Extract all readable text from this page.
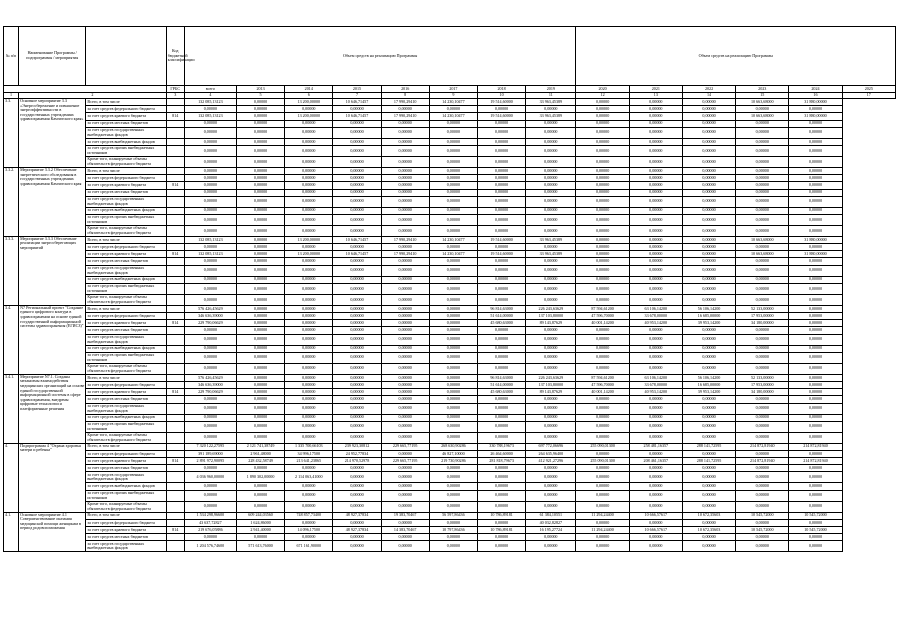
№ п/п	Наименование Программы / подпрограммы / мероприятия		Код бюджетной классификации	Объем средств на реализацию Программы								Объем средств на реализацию Программы					
			ГРБС	всего	2013	2014	2015	2016	2017	2018	2019	2020	2021	2022	2023	2024	2025
1	2		3	4	5	6	7	8	9	10	11	12	13	14	15	16	17
3.3.	Основное мероприятие 3.3 «Энергосбережение и повышение энергоэффективности в государственных учреждениях здравоохранения Камчатского края»	Всего, в том числе		132 085,13123	0,00000	13 200,00000	10 646,71457	17 990,29410	14 230,10477	19 514,60000	33 963,45389	0,00000	0,00000	0,00000	10 663,68000	31 880,00000	
		за счет средств федерального бюджета		0,00000	0,00000	0,00000	0,00000	0,00000	0,00000	0,00000	0,00000	0,00000	0,00000	0,00000	0,00000	0,00000	
		за счет средств краевого бюджета	814	132 085,13123	0,00000	13 200,00000	10 646,71457	17 990,29410	14 230,10477	19 514,60000	33 963,45389	0,00000	0,00000	0,00000	10 663,68000	31 880,00000	
		за счет средств местных бюджетов		0,00000	0,00000	0,00000	0,00000	0,00000	0,00000	0,00000	0,00000	0,00000	0,00000	0,00000	0,00000	0,00000	
		за счет средств государственных внебюджетных фондов		0,00000	0,00000	0,00000	0,00000	0,00000	0,00000	0,00000	0,00000	0,00000	0,00000	0,00000	0,00000	0,00000	
		за счет средств внебюджетных фондов		0,00000	0,00000	0,00000	0,00000	0,00000	0,00000	0,00000	0,00000	0,00000	0,00000	0,00000	0,00000	0,00000	
		за счет средств прочих внебюджетных источников		0,00000	0,00000	0,00000	0,00000	0,00000	0,00000	0,00000	0,00000	0,00000	0,00000	0,00000	0,00000	0,00000	
		Кроме того, планируемые объемы обязательств федерального бюджета		0,00000	0,00000	0,00000	0,00000	0,00000	0,00000	0,00000	0,00000	0,00000	0,00000	0,00000	0,00000	0,00000	
3.3.2.	Мероприятие 3.3.2 Обеспечение энергетического обследования в государственных учреждениях здравоохранения Камчатского края	Всего, в том числе		0,00000	0,00000	0,00000	0,00000	0,00000	0,00000	0,00000	0,00000	0,00000	0,00000	0,00000	0,00000	0,00000	
		за счет средств федерального бюджета		0,00000	0,00000	0,00000	0,00000	0,00000	0,00000	0,00000	0,00000	0,00000	0,00000	0,00000	0,00000	0,00000	
		за счет средств краевого бюджета	814	0,00000	0,00000	0,00000	0,00000	0,00000	0,00000	0,00000	0,00000	0,00000	0,00000	0,00000	0,00000	0,00000	
		за счет средств местных бюджетов		0,00000	0,00000	0,00000	0,00000	0,00000	0,00000	0,00000	0,00000	0,00000	0,00000	0,00000	0,00000	0,00000	
		за счет средств государственных внебюджетных фондов		0,00000	0,00000	0,00000	0,00000	0,00000	0,00000	0,00000	0,00000	0,00000	0,00000	0,00000	0,00000	0,00000	
		за счет средств внебюджетных фондов		0,00000	0,00000	0,00000	0,00000	0,00000	0,00000	0,00000	0,00000	0,00000	0,00000	0,00000	0,00000	0,00000	
		за счет средств прочих внебюджетных источников		0,00000	0,00000	0,00000	0,00000	0,00000	0,00000	0,00000	0,00000	0,00000	0,00000	0,00000	0,00000	0,00000	
		Кроме того, планируемые объемы обязательств федерального бюджета		0,00000	0,00000	0,00000	0,00000	0,00000	0,00000	0,00000	0,00000	0,00000	0,00000	0,00000	0,00000	0,00000	
3.3.3.	Мероприятие 3.3.3 Обеспечение реализации энергосберегающих мероприятий	Всего, в том числе		132 085,13123	0,00000	13 200,00000	10 646,71457	17 990,29410	14 230,10477	19 514,60000	33 963,45389	0,00000	0,00000	0,00000	10 663,68000	31 880,00000	
		за счет средств федерального бюджета		0,00000	0,00000	0,00000	0,00000	0,00000	0,00000	0,00000	0,00000	0,00000	0,00000	0,00000	0,00000	0,00000	
		за счет средств краевого бюджета	814	132 085,13123	0,00000	13 200,00000	10 646,71457	17 990,29410	14 230,10477	19 514,60000	33 963,45389	0,00000	0,00000	0,00000	10 663,68000	31 880,00000	
		за счет средств местных бюджетов		0,00000	0,00000	0,00000	0,00000	0,00000	0,00000	0,00000	0,00000	0,00000	0,00000	0,00000	0,00000	0,00000	
		за счет средств государственных внебюджетных фондов		0,00000	0,00000	0,00000	0,00000	0,00000	0,00000	0,00000	0,00000	0,00000	0,00000	0,00000	0,00000	0,00000	
		за счет средств внебюджетных фондов		0,00000	0,00000	0,00000	0,00000	0,00000	0,00000	0,00000	0,00000	0,00000	0,00000	0,00000	0,00000	0,00000	
		за счет средств прочих внебюджетных источников		0,00000	0,00000	0,00000	0,00000	0,00000	0,00000	0,00000	0,00000	0,00000	0,00000	0,00000	0,00000	0,00000	
		Кроме того, планируемые объемы обязательств федерального бюджета		0,00000	0,00000	0,00000	0,00000	0,00000	0,00000	0,00000	0,00000	0,00000	0,00000	0,00000	0,00000	0,00000	
3.4.	N7 Региональный проект "Создание единого цифрового контура в здравоохранении на основе единой государственной информационной системы здравоохранения (ЕГИСЗ)"	Всего, в том числе		576 426,45629	0,00000	0,00000	0,00000	0,00000	0,00000	96 814,63000	226 243,63629	87 594,61200	63 106,14200	56 106,14200	52 133,00000	0,00000	
		за счет средств федерального бюджета		346 636,39000	0,00000	0,00000	0,00000	0,00000	0,00000	51 614,00000	137 103,80000	47 596,70000	33 678,00000	16 685,00000	17 953,00000	0,00000	
		за счет средств краевого бюджета	814	229 790,06629	0,00000	0,00000	0,00000	0,00000	0,00000	45 680,63000	89 143,87629	40 001,14200	40 953,14200	39 953,14200	34 180,00000	0,00000	
		за счет средств местных бюджетов		0,00000	0,00000	0,00000	0,00000	0,00000	0,00000	0,00000	0,00000	0,00000	0,00000	0,00000	0,00000	0,00000	
		за счет средств государственных внебюджетных фондов		0,00000	0,00000	0,00000	0,00000	0,00000	0,00000	0,00000	0,00000	0,00000	0,00000	0,00000	0,00000	0,00000	
		за счет средств внебюджетных фондов		0,00000	0,00000	0,00000	0,00000	0,00000	0,00000	0,00000	0,00000	0,00000	0,00000	0,00000	0,00000	0,00000	
		за счет средств прочих внебюджетных источников		0,00000	0,00000	0,00000	0,00000	0,00000	0,00000	0,00000	0,00000	0,00000	0,00000	0,00000	0,00000	0,00000	
		Кроме того, планируемые объемы обязательств федерального бюджета		0,00000	0,00000	0,00000	0,00000	0,00000	0,00000	0,00000	0,00000	0,00000	0,00000	0,00000	0,00000	0,00000	
3.4.1.	Мероприятие N7.1. Созданы механизмы взаимодействия медицинских организаций на основе единой государственной информационной системы в сфере здравоохранения, внедрены цифровые технологии и платформенные решения	Всего, в том числе		576 426,45629	0,00000	0,00000	0,00000	0,00000	0,00000	96 814,63000	226 243,63629	87 594,61200	63 106,14200	56 106,14200	52 133,00000	0,00000	
		за счет средств федерального бюджета		346 636,39000	0,00000	0,00000	0,00000	0,00000	0,00000	51 614,00000	137 103,80000	47 596,70000	33 678,00000	16 685,00000	17 953,00000	0,00000	
		за счет средств краевого бюджета	814	229 790,06629	0,00000	0,00000	0,00000	0,00000	0,00000	45 680,63000	89 143,87629	40 001,14200	40 953,14200	39 953,14200	34 180,00000	0,00000	
		за счет средств местных бюджетов		0,00000	0,00000	0,00000	0,00000	0,00000	0,00000	0,00000	0,00000	0,00000	0,00000	0,00000	0,00000	0,00000	
		за счет средств государственных внебюджетных фондов		0,00000	0,00000	0,00000	0,00000	0,00000	0,00000	0,00000	0,00000	0,00000	0,00000	0,00000	0,00000	0,00000	
		за счет средств внебюджетных фондов		0,00000	0,00000	0,00000	0,00000	0,00000	0,00000	0,00000	0,00000	0,00000	0,00000	0,00000	0,00000	0,00000	
		за счет средств прочих внебюджетных источников		0,00000	0,00000	0,00000	0,00000	0,00000	0,00000	0,00000	0,00000	0,00000	0,00000	0,00000	0,00000	0,00000	
		Кроме того, планируемые объемы обязательств федерального бюджета		0,00000	0,00000	0,00000	0,00000	0,00000	0,00000	0,00000	0,00000	0,00000	0,00000	0,00000	0,00000	0,00000	
4.	Подпрограмма 4 "Охрана здоровья матери и ребенка"	Всего, в том числе		7 320 122,27595	2 121 741,38749	1 335 700,66103	239 923,30812	229 665,77195	268 630,90286	330 788,19673	697 772,06696	255 090,01300	258 481,16357	288 141,72595	214 872,81940	214 872,81940	
		за счет средств федерального бюджета		391 189,69000	2 961,48000	34 996,17500	24 952,77834	0,00000	46 827,10000	26 464,60000	264 635,96400	0,00000	0,00000	0,00000	0,00000	0,00000	
		за счет средств краевого бюджета	814	2 891 972,90095	228 432,58749	213 641,23865	214 970,52978	229 665,77195	219 730,90286	281 818,79673	412 921,27296	255 090,01300	208 461,16357	288 141,72595	214 872,81940	214 872,81940	
		за счет средств местных бюджетов		0,00000	0,00000	0,00000	0,00000	0,00000	0,00000	0,00000	0,00000	0,00000	0,00000	0,00000	0,00000	0,00000	
		за счет средств государственных внебюджетных фондов		4 036 960,00000	1 890 302,00000	2 114 063,41000	0,00000	0,00000	0,00000	0,00000	0,00000	0,00000	0,00000	0,00000	0,00000	0,00000	
		за счет средств внебюджетных фондов		0,00000	0,00000	0,00000	0,00000	0,00000	0,00000	0,00000	0,00000	0,00000	0,00000	0,00000	0,00000	0,00000	
		за счет средств прочих внебюджетных источников		0,00000	0,00000	0,00000	0,00000	0,00000	0,00000	0,00000	0,00000	0,00000	0,00000	0,00000	0,00000	0,00000	
		Кроме того, планируемые объемы обязательств федерального бюджета		0,00000	0,00000	0,00000	0,00000	0,00000	0,00000	0,00000	0,00000	0,00000	0,00000	0,00000	0,00000	0,00000	
4.1.	Основное мероприятие 4.1 Совершенствование оказания медицинской помощи женщинам в период родовспоможения	Всего, в том числе		1 534 298,96600	609 244,03560	748 857,73400	48 927,37834	19 383,70467	56 597,86436	10 786,89181	61 384,10551	11 294,24400	10 666,57617	10 672,35603	10 545,72000	10 545,72000	
		за счет средств федерального бюджета		43 637,72827	1 624,86000	0,00000	0,00000	0,00000	0,00000	0,00000	40 032,82827	0,00000	0,00000	0,00000	0,00000	0,00000	
		за счет средств краевого бюджета	814	219 676,05886	2 941,40000	14 096,17500	48 927,37834	14 383,70467	10 797,86436	10 786,89181	16 195,27724	11 294,24400	10 666,57617	10 672,35603	10 545,72000	10 545,72000	
		за счет средств местных бюджетов		0,00000	0,00000	0,00000	0,00000	0,00000	0,00000	0,00000	0,00000	0,00000	0,00000	0,00000	0,00000	0,00000	
		за счет средств государственных внебюджетных фондов		1 204 576,74600	571 613,76000	671 161,90000	0,00000	0,00000	0,00000	0,00000	0,00000	0,00000	0,00000	0,00000	0,00000	0,00000	
